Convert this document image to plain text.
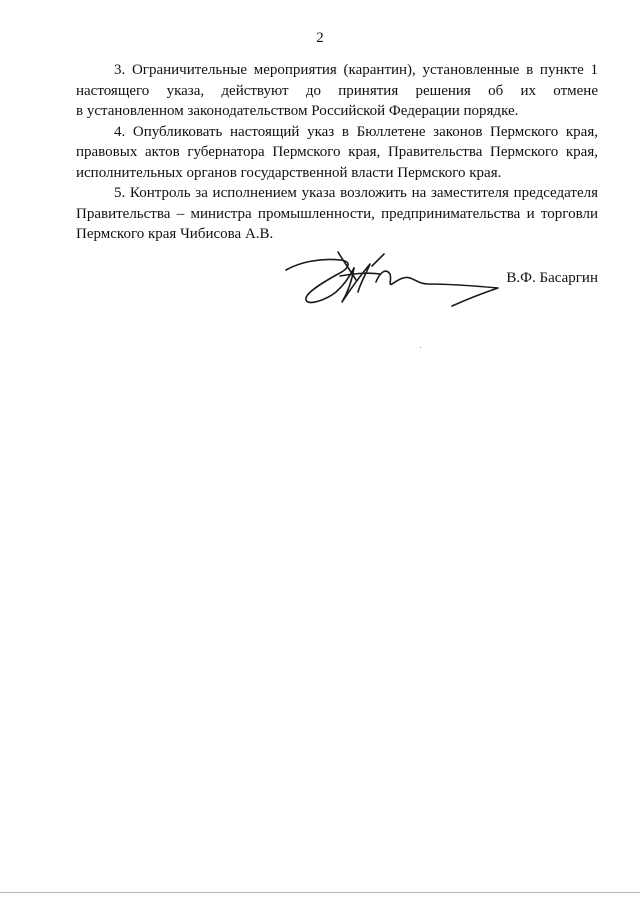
2

3. Ограничительные мероприятия (карантин), установленные в пункте 1
настоящего указа, действуют до принятия решения об их отмене
в установленном законодательством Российской Федерации порядке.

4. Опубликовать настоящий указ в Бюллетене законов Пермского края,
правовых актов губернатора Пермского края, Правительства Пермского края,
исполнительных органов государственной власти Пермского края.

5. Контроль за исполнением указа возложить на заместителя председателя
Правительства – министра промышленности, предпринимательства и торговли
Пермского края Чибисова А.В.

В.Ф. Басаргин
